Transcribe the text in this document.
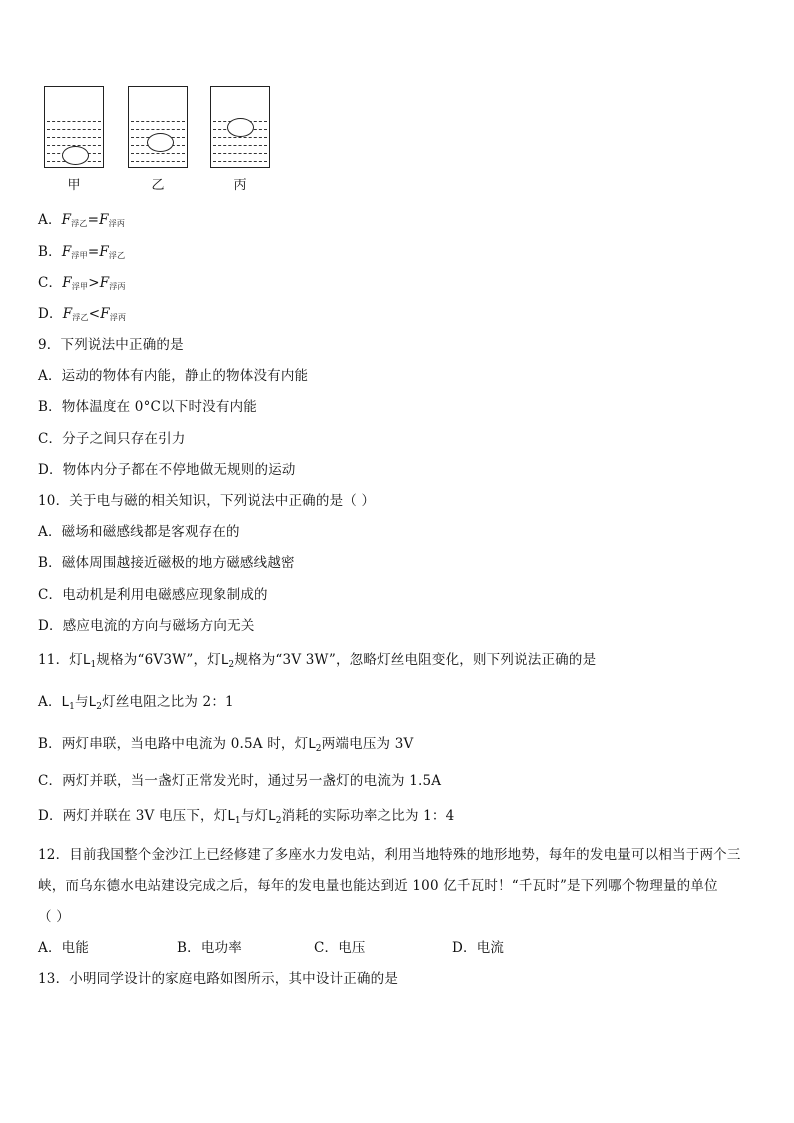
甲	乙	丙
A．$F_{浮乙}=F_{浮丙}$
B．$F_{浮甲}=F_{浮乙}$
C．$F_{浮甲}>F_{浮丙}$
D．$F_{浮乙}<F_{浮丙}$
9．下列说法中正确的是
A．运动的物体有内能，静止的物体没有内能
B．物体温度在 0°C以下时没有内能
C．分子之间只存在引力
D．物体内分子都在不停地做无规则的运动
10．关于电与磁的相关知识，下列说法中正确的是（ ）
A．磁场和磁感线都是客观存在的
B．磁体周围越接近磁极的地方磁感线越密
C．电动机是利用电磁感应现象制成的
D．感应电流的方向与磁场方向无关
11．灯$L_1$规格为“6V3W”，灯$L_2$规格为“3V 3W”，忽略灯丝电阻变化，则下列说法正确的是
A．$L_1$与$L_2$灯丝电阻之比为 2：1
B．两灯串联，当电路中电流为 0.5A 时，灯$L_2$两端电压为 3V
C．两灯并联，当一盏灯正常发光时，通过另一盏灯的电流为 1.5A
D．两灯并联在 3V 电压下，灯$L_1$与灯$L_2$消耗的实际功率之比为 1：4
12．目前我国整个金沙江上已经修建了多座水力发电站，利用当地特殊的地形地势，每年的发电量可以相当于两个三
峡，而乌东德水电站建设完成之后，每年的发电量也能达到近 100 亿千瓦时！“千瓦时”是下列哪个物理量的单位
（ ）
A．电能	B．电功率	C．电压	D．电流
13．小明同学设计的家庭电路如图所示，其中设计正确的是
